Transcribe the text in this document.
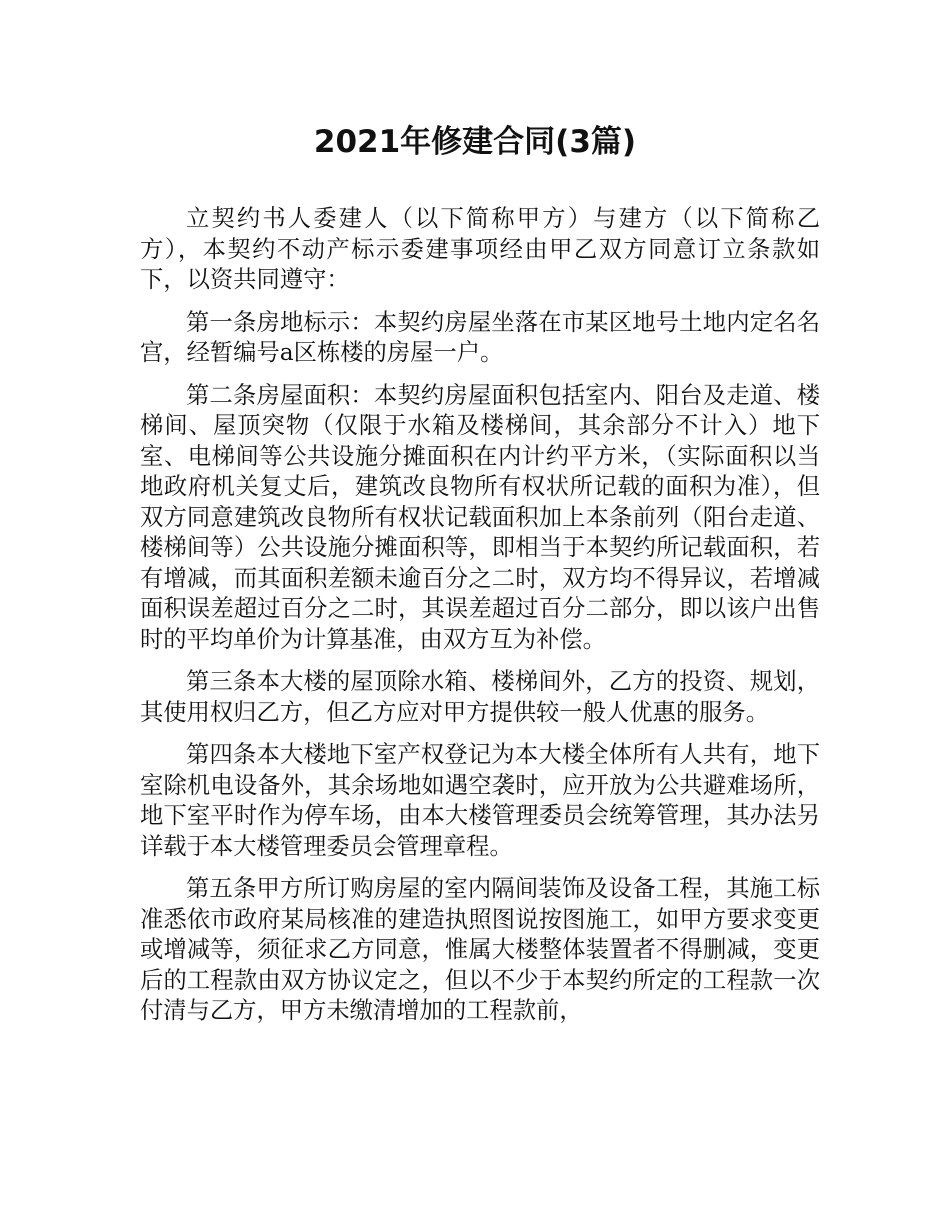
2021年修建合同(3篇)

立契约书人委建人（以下简称甲方）与建方（以下简称乙方），本契约不动产标示委建事项经由甲乙双方同意订立条款如下，以资共同遵守：

第一条房地标示：本契约房屋坐落在市某区地号土地内定名名宫，经暂编号a区栋楼的房屋一户。

第二条房屋面积：本契约房屋面积包括室内、阳台及走道、楼梯间、屋顶突物（仅限于水箱及楼梯间，其余部分不计入）地下室、电梯间等公共设施分摊面积在内计约平方米，（实际面积以当地政府机关复丈后，建筑改良物所有权状所记载的面积为准），但双方同意建筑改良物所有权状记载面积加上本条前列（阳台走道、楼梯间等）公共设施分摊面积等，即相当于本契约所记载面积，若有增减，而其面积差额未逾百分之二时，双方均不得异议，若增减面积误差超过百分之二时，其误差超过百分二部分，即以该户出售时的平均单价为计算基准，由双方互为补偿。

第三条本大楼的屋顶除水箱、楼梯间外，乙方的投资、规划，其使用权归乙方，但乙方应对甲方提供较一般人优惠的服务。

第四条本大楼地下室产权登记为本大楼全体所有人共有，地下室除机电设备外，其余场地如遇空袭时，应开放为公共避难场所，地下室平时作为停车场，由本大楼管理委员会统筹管理，其办法另详载于本大楼管理委员会管理章程。

第五条甲方所订购房屋的室内隔间装饰及设备工程，其施工标准悉依市政府某局核准的建造执照图说按图施工，如甲方要求变更或增减等，须征求乙方同意，惟属大楼整体装置者不得删减，变更后的工程款由双方协议定之，但以不少于本契约所定的工程款一次付清与乙方，甲方未缴清增加的工程款前，
